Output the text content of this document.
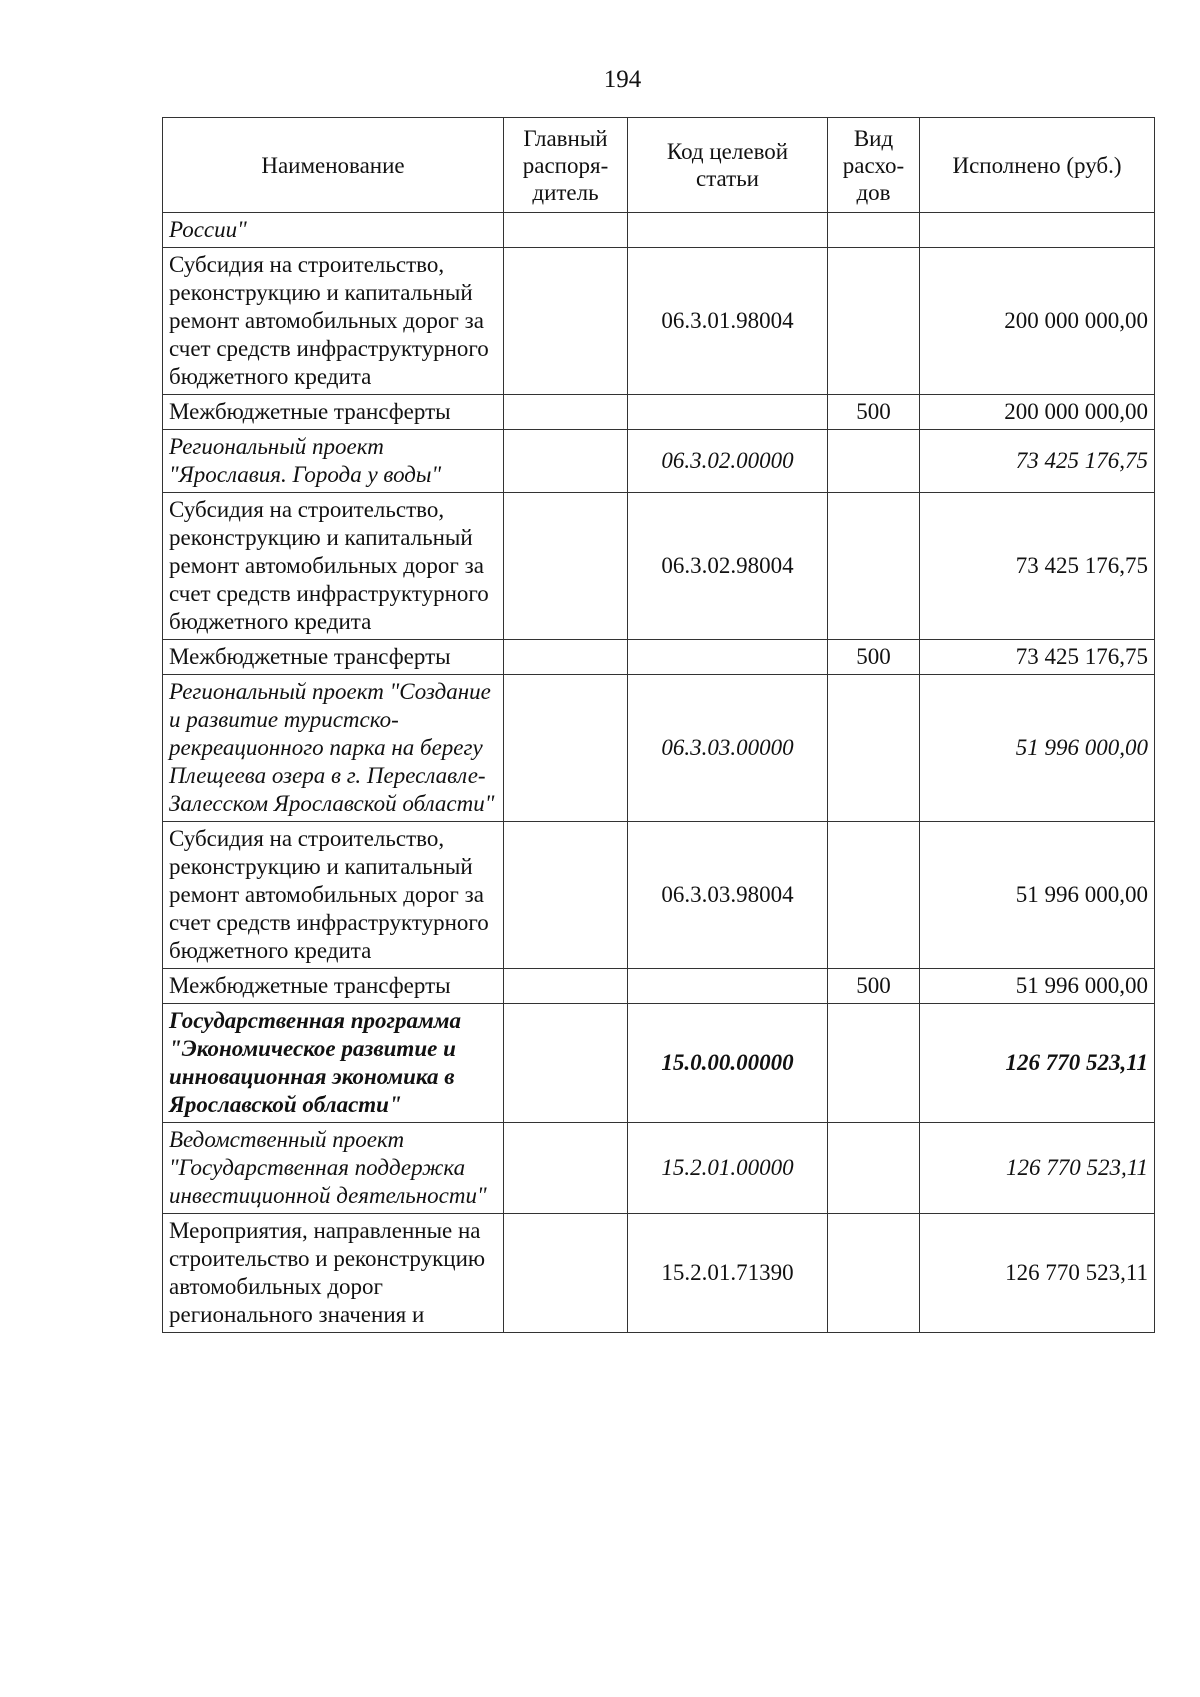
194
Наименование	Главный распоря-дитель	Код целевой статьи	Вид расхо-дов	Исполнено (руб.)
России"				
Субсидия на строительство, реконструкцию и капитальный ремонт автомобильных дорог за счет средств инфраструктурного бюджетного кредита		06.3.01.98004		200 000 000,00
Межбюджетные трансферты			500	200 000 000,00
Региональный проект "Ярославия. Города у воды"		06.3.02.00000		73 425 176,75
Субсидия на строительство, реконструкцию и капитальный ремонт автомобильных дорог за счет средств инфраструктурного бюджетного кредита		06.3.02.98004		73 425 176,75
Межбюджетные трансферты			500	73 425 176,75
Региональный проект "Создание и развитие туристско-рекреационного парка на берегу Плещеева озера в г. Переславле-Залесском Ярославской области"		06.3.03.00000		51 996 000,00
Субсидия на строительство, реконструкцию и капитальный ремонт автомобильных дорог за счет средств инфраструктурного бюджетного кредита		06.3.03.98004		51 996 000,00
Межбюджетные трансферты			500	51 996 000,00
Государственная программа "Экономическое развитие и инновационная экономика в Ярославской области"		15.0.00.00000		126 770 523,11
Ведомственный проект "Государственная поддержка инвестиционной деятельности"		15.2.01.00000		126 770 523,11
Мероприятия, направленные на строительство и реконструкцию автомобильных дорог регионального значения и		15.2.01.71390		126 770 523,11
